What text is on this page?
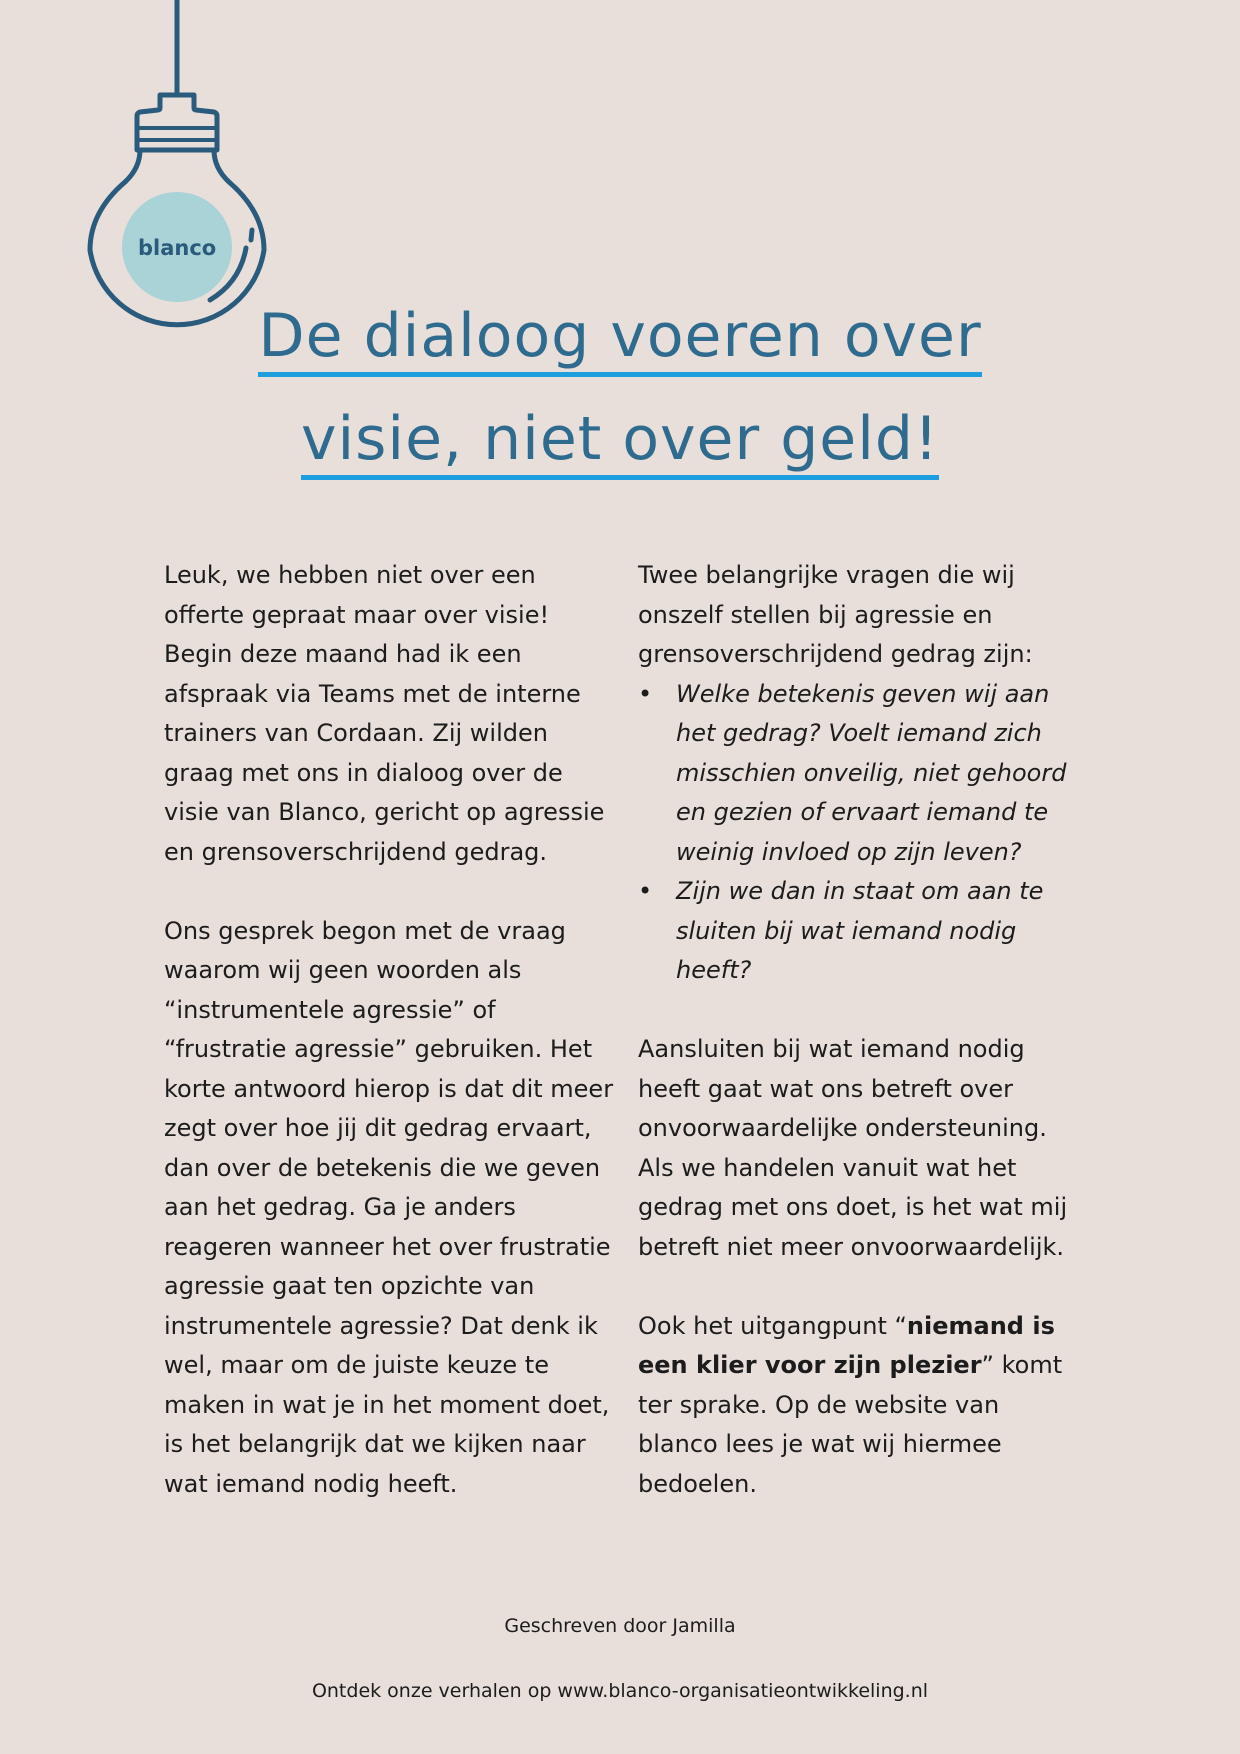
blanco
De dialoog voeren over
visie, niet over geld!

Leuk, we hebben niet over een offerte gepraat maar over visie! Begin deze maand had ik een afspraak via Teams met de interne trainers van Cordaan. Zij wilden graag met ons in dialoog over de visie van Blanco, gericht op agressie en grensoverschrijdend gedrag.

Ons gesprek begon met de vraag waarom wij geen woorden als “instrumentele agressie” of “frustratie agressie” gebruiken. Het korte antwoord hierop is dat dit meer zegt over hoe jij dit gedrag ervaart, dan over de betekenis die we geven aan het gedrag. Ga je anders reageren wanneer het over frustratie agressie gaat ten opzichte van instrumentele agressie? Dat denk ik wel, maar om de juiste keuze te maken in wat je in het moment doet, is het belangrijk dat we kijken naar wat iemand nodig heeft.

Twee belangrijke vragen die wij onszelf stellen bij agressie en grensoverschrijdend gedrag zijn:

• Welke betekenis geven wij aan het gedrag? Voelt iemand zich misschien onveilig, niet gehoord en gezien of ervaart iemand te weinig invloed op zijn leven?
• Zijn we dan in staat om aan te sluiten bij wat iemand nodig heeft?

Aansluiten bij wat iemand nodig heeft gaat wat ons betreft over onvoorwaardelijke ondersteuning. Als we handelen vanuit wat het gedrag met ons doet, is het wat mij betreft niet meer onvoorwaardelijk.

Ook het uitgangpunt “niemand is een klier voor zijn plezier” komt ter sprake. Op de website van blanco lees je wat wij hiermee bedoelen.

Geschreven door Jamilla
Ontdek onze verhalen op www.blanco-organisatieontwikkeling.nl
